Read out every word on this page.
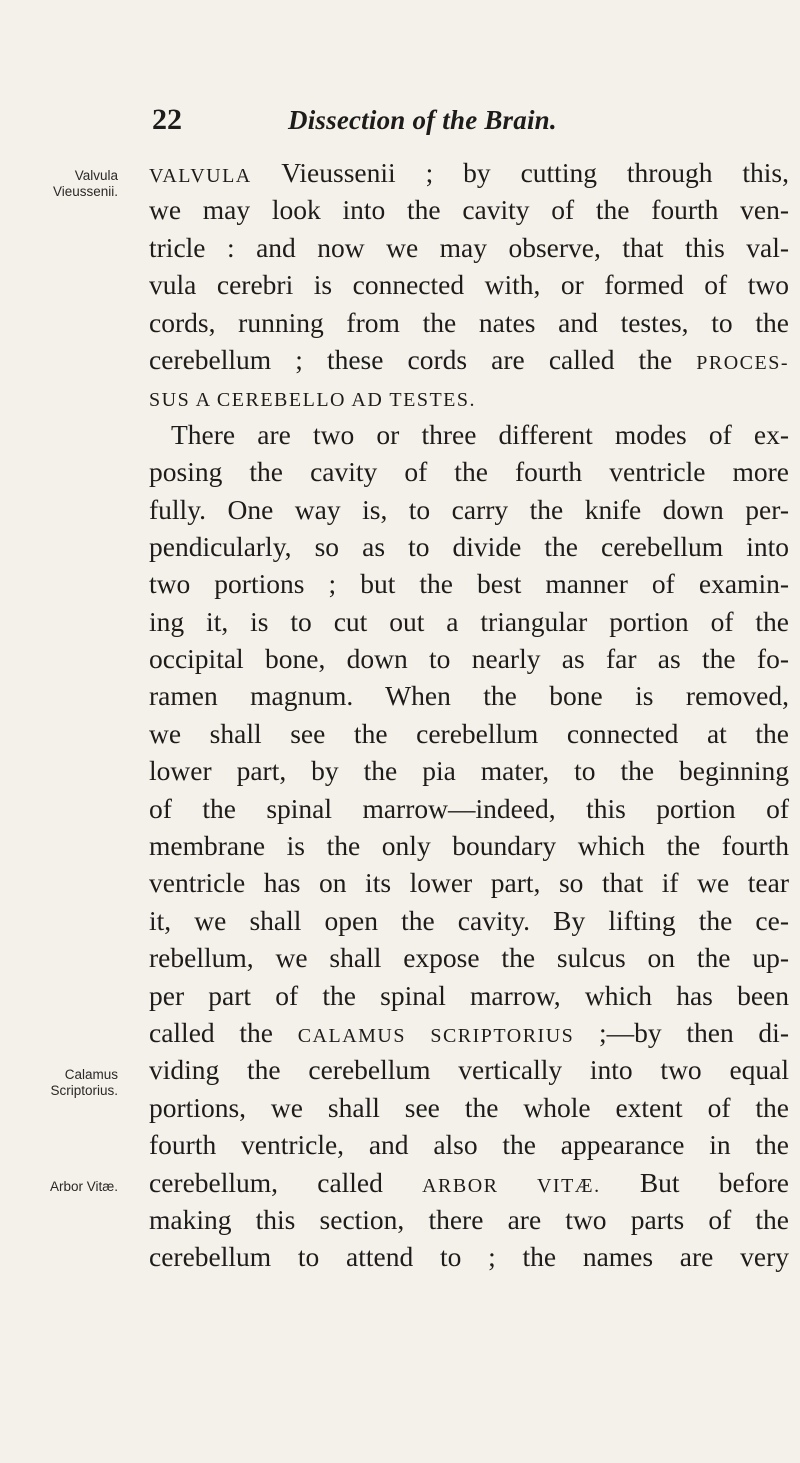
22	Dissection of the Brain.
Valvula
Vieussenii.
Calamus
Scriptorius.
Arbor Vitæ.
VALVULA Vieussenii ; by cutting through this,
we may look into the cavity of the fourth ven-
tricle : and now we may observe, that this val-
vula cerebri is connected with, or formed of two
cords, running from the nates and testes, to the
cerebellum ; these cords are called the PROCES-
SUS A CEREBELLO AD TESTES.
There are two or three different modes of ex-
posing the cavity of the fourth ventricle more
fully. One way is, to carry the knife down per-
pendicularly, so as to divide the cerebellum into
two portions ; but the best manner of examin-
ing it, is to cut out a triangular portion of the
occipital bone, down to nearly as far as the fo-
ramen magnum. When the bone is removed,
we shall see the cerebellum connected at the
lower part, by the pia mater, to the beginning
of the spinal marrow—indeed, this portion of
membrane is the only boundary which the fourth
ventricle has on its lower part, so that if we tear
it, we shall open the cavity. By lifting the ce-
rebellum, we shall expose the sulcus on the up-
per part of the spinal marrow, which has been
called the CALAMUS SCRIPTORIUS ;—by then di-
viding the cerebellum vertically into two equal
portions, we shall see the whole extent of the
fourth ventricle, and also the appearance in the
cerebellum, called ARBOR VITÆ. But before
making this section, there are two parts of the
cerebellum to attend to ; the names are very
